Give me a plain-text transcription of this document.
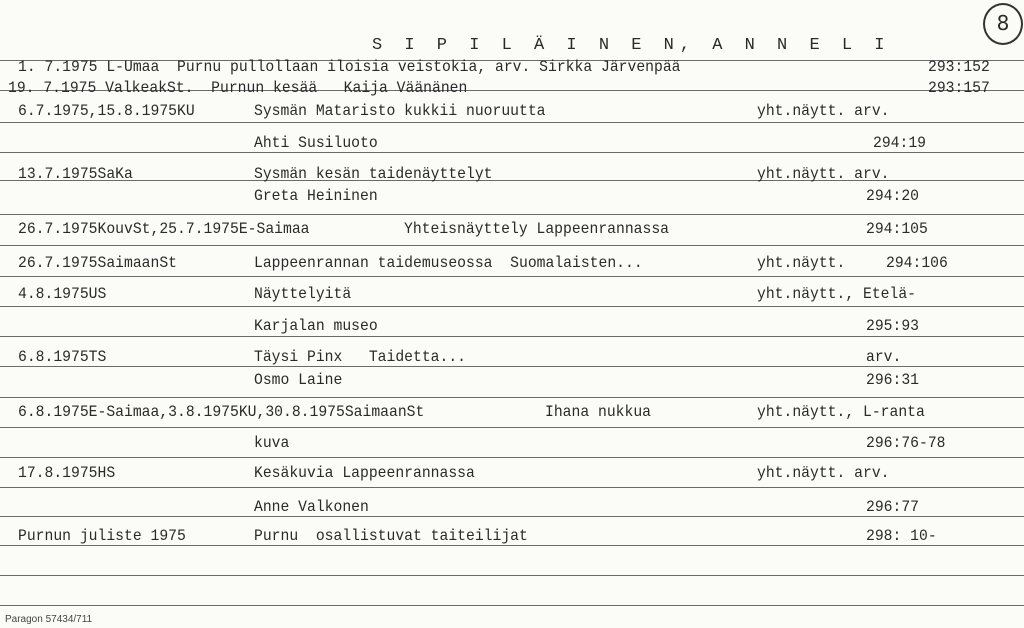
8
S I P I L Ä I N E N, A N N E L I
1. 7.1975 L-Umaa  Purnu pullollaan iloisia veistokia, arv. Sirkka Järvenpää	293:152
19. 7.1975 ValkeakSt.  Purnun kesää   Kaija Väänänen	293:157
6.7.1975,15.8.1975KU	Sysmän Mataristo kukkii nuoruutta	yht.näytt. arv.
Ahti Susiluoto	294:19
13.7.1975SaKa	Sysmän kesän taidenäyttelyt	yht.näytt. arv.
Greta Heininen	294:20
26.7.1975KouvSt,25.7.1975E-Saimaa	Yhteisnäyttely Lappeenrannassa	294:105
26.7.1975SaimaanSt	Lappeenrannan taidemuseossa  Suomalaisten...	yht.näytt.	294:106
4.8.1975US	Näyttelyitä	yht.näytt., Etelä-
Karjalan museo	295:93
6.8.1975TS	Täysi Pinx   Taidetta...	arv.
Osmo Laine	296:31
6.8.1975E-Saimaa,3.8.1975KU,30.8.1975SaimaanSt	Ihana nukkua	yht.näytt., L-ranta
kuva	296:76-78
17.8.1975HS	Kesäkuvia Lappeenrannassa	yht.näytt. arv.
Anne Valkonen	296:77
Purnun juliste 1975	Purnu  osallistuvat taiteilijat	298: 10-
Paragon 57434/711
